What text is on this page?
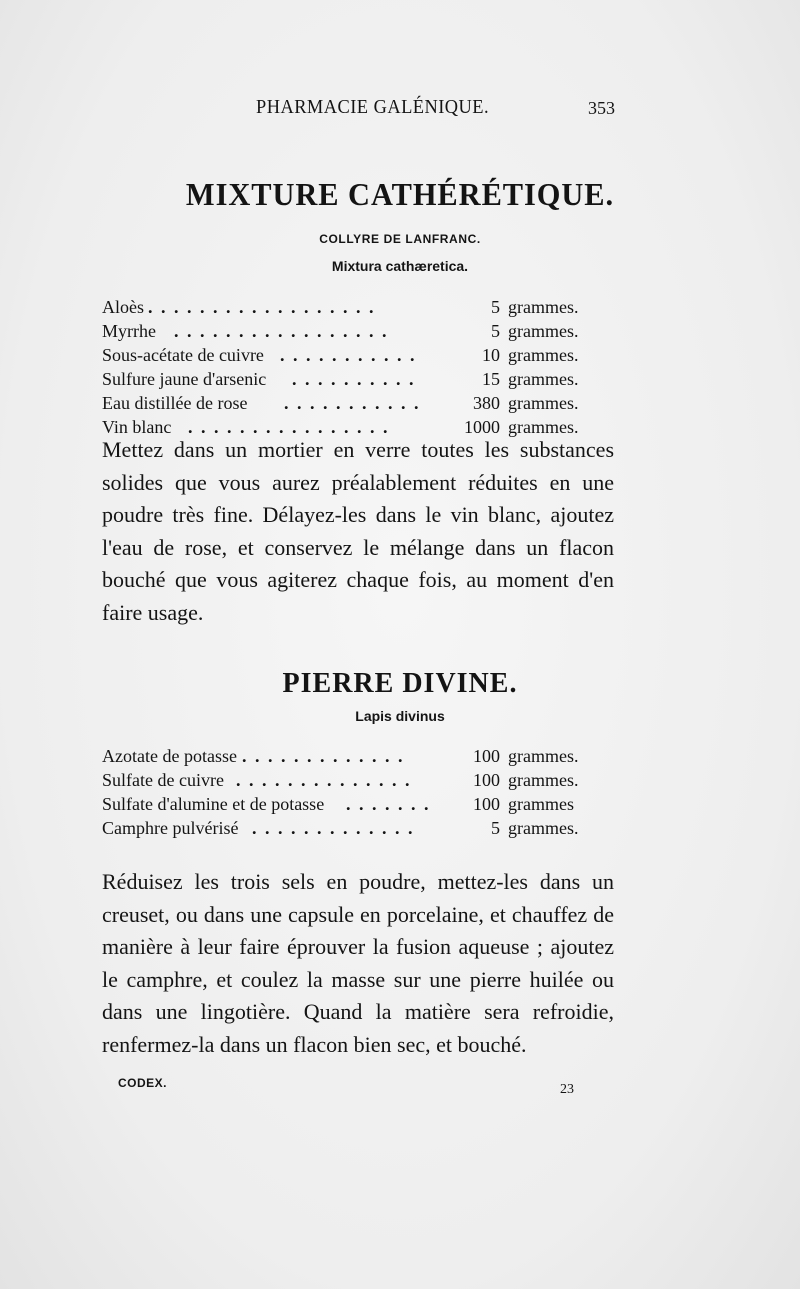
PHARMACIE GALÉNIQUE.	353
MIXTURE CATHÉRÉTIQUE.
COLLYRE DE LANFRANC.
Mixtura cathæretica.
Aloès . . . . . . . . . . . . . . . . . .	5 grammes.
Myrrhe . . . . . . . . . . . . . . . . .	5 grammes.
Sous-acétate de cuivre . . . . . . . . . . .	10 grammes.
Sulfure jaune d'arsenic . . . . . . . . . .	15 grammes.
Eau distillée de rose . . . . . . . . . . .	380 grammes.
Vin blanc . . . . . . . . . . . . . . . .	1000 grammes.

Mettez dans un mortier en verre toutes les substances solides que vous aurez préalablement réduites en une poudre très fine. Délayez-les dans le vin blanc, ajoutez l'eau de rose, et conservez le mélange dans un flacon bouché que vous agiterez chaque fois, au moment d'en faire usage.

PIERRE DIVINE.
Lapis divinus
Azotate de potasse . . . . . . . . . . . . .	100 grammes.
Sulfate de cuivre . . . . . . . . . . . . . .	100 grammes.
Sulfate d'alumine et de potasse . . . . . . .	100 grammes
Camphre pulvérisé . . . . . . . . . . . . .	5 grammes.

Réduisez les trois sels en poudre, mettez-les dans un creuset, ou dans une capsule en porcelaine, et chauffez de manière à leur faire éprouver la fusion aqueuse ; ajoutez le camphre, et coulez la masse sur une pierre huilée ou dans une lingotière. Quand la matière sera refroidie, renfermez-la dans un flacon bien sec, et bouché.

CODEX.	23
